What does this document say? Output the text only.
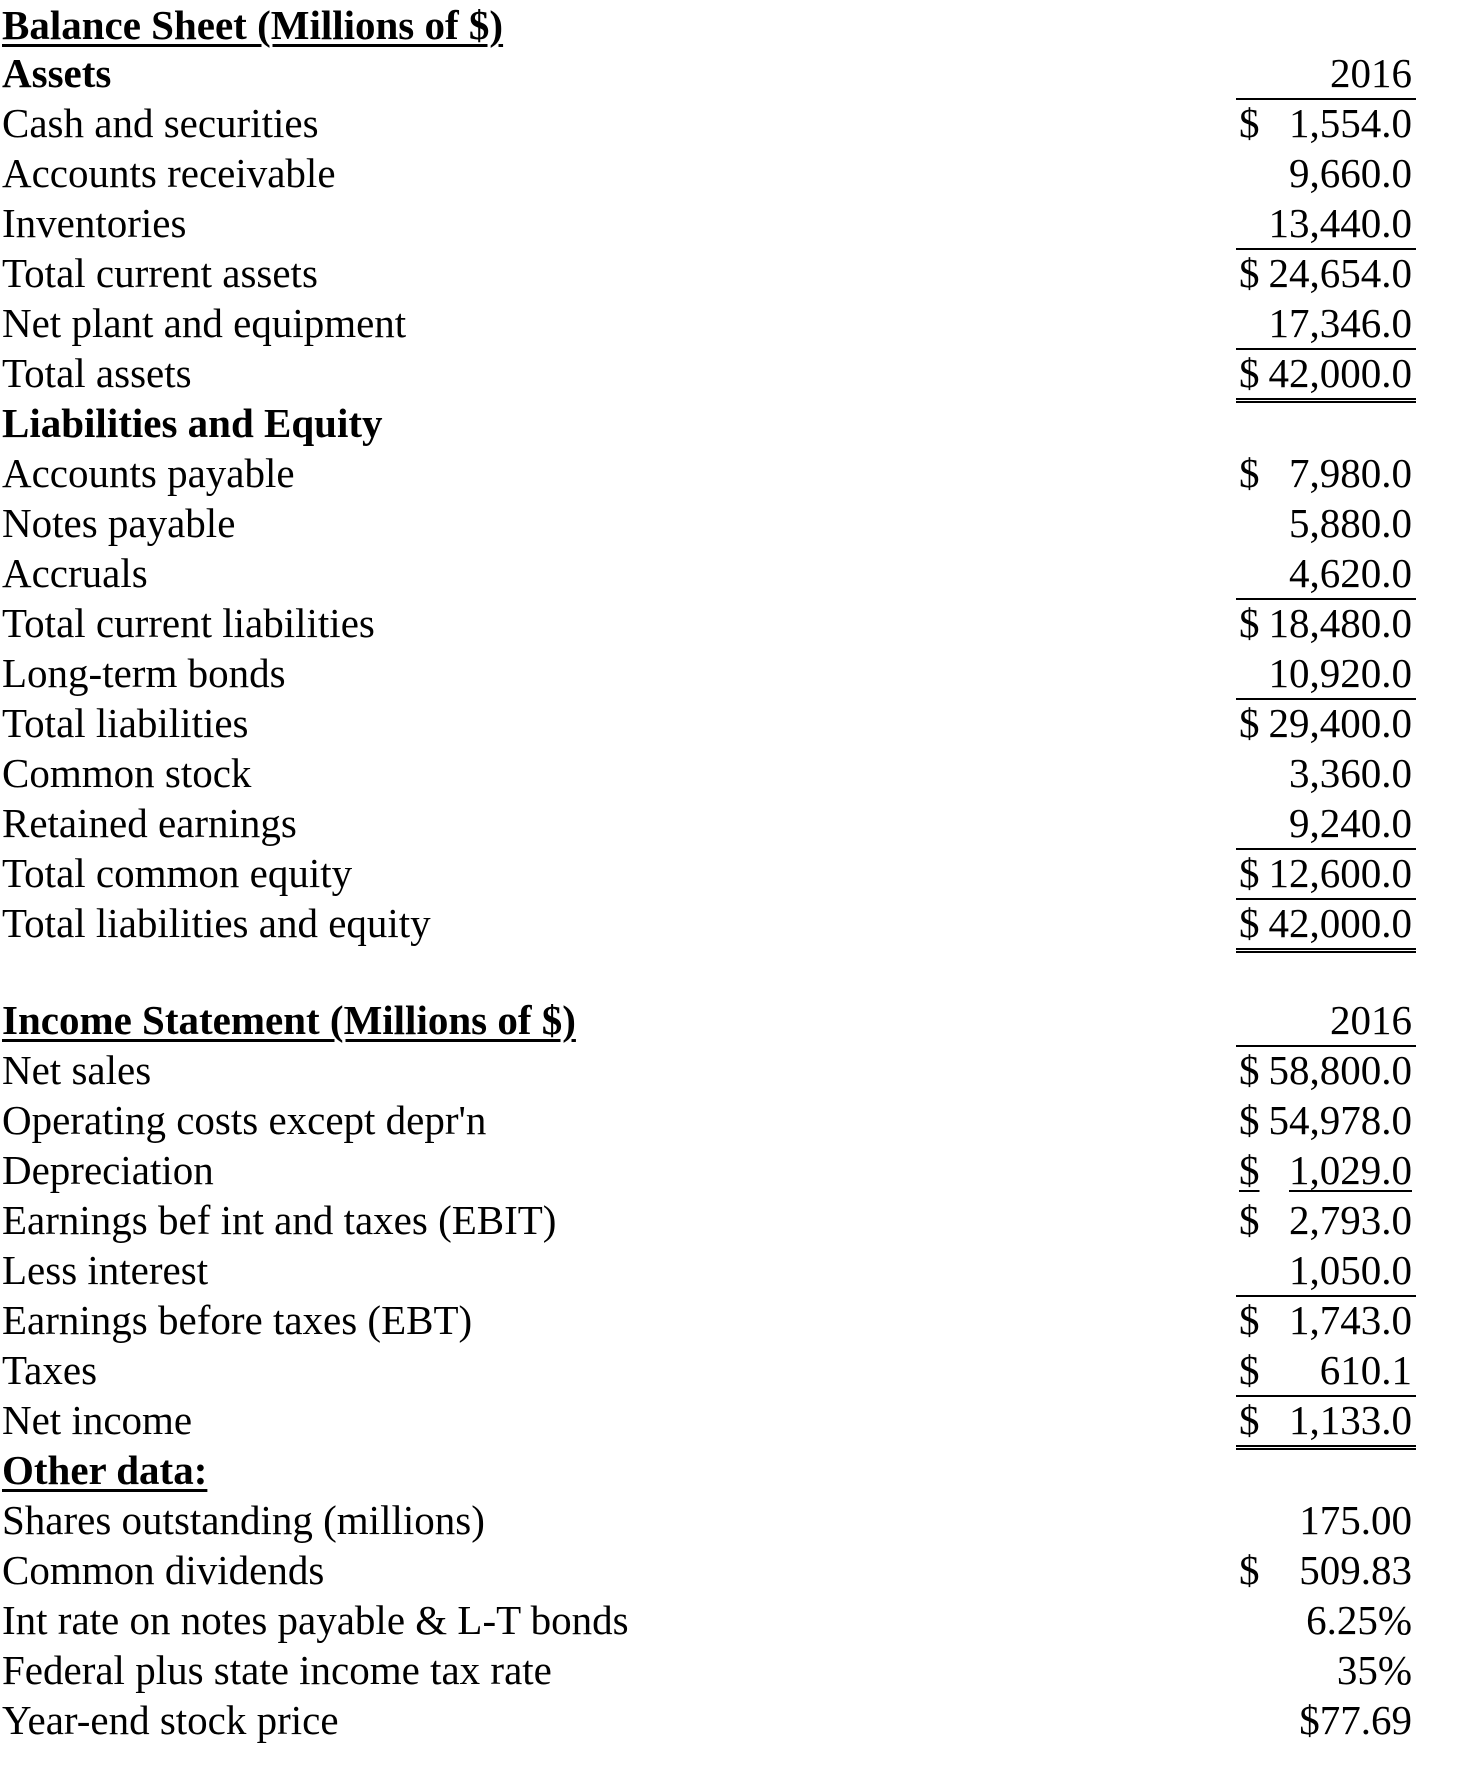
Balance Sheet (Millions of $)
Assets	2016
Cash and securities	$ 1,554.0
Accounts receivable	9,660.0
Inventories	13,440.0
Total current assets	$ 24,654.0
Net plant and equipment	17,346.0
Total assets	$ 42,000.0
Liabilities and Equity
Accounts payable	$ 7,980.0
Notes payable	5,880.0
Accruals	4,620.0
Total current liabilities	$ 18,480.0
Long-term bonds	10,920.0
Total liabilities	$ 29,400.0
Common stock	3,360.0
Retained earnings	9,240.0
Total common equity	$ 12,600.0
Total liabilities and equity	$ 42,000.0
Income Statement (Millions of $)	2016
Net sales	$ 58,800.0
Operating costs except depr'n	$ 54,978.0
Depreciation	$ 1,029.0
Earnings bef int and taxes (EBIT)	$ 2,793.0
Less interest	1,050.0
Earnings before taxes (EBT)	$ 1,743.0
Taxes	$ 610.1
Net income	$ 1,133.0
Other data:
Shares outstanding (millions)	175.00
Common dividends	$ 509.83
Int rate on notes payable & L-T bonds	6.25%
Federal plus state income tax rate	35%
Year-end stock price	$77.69
